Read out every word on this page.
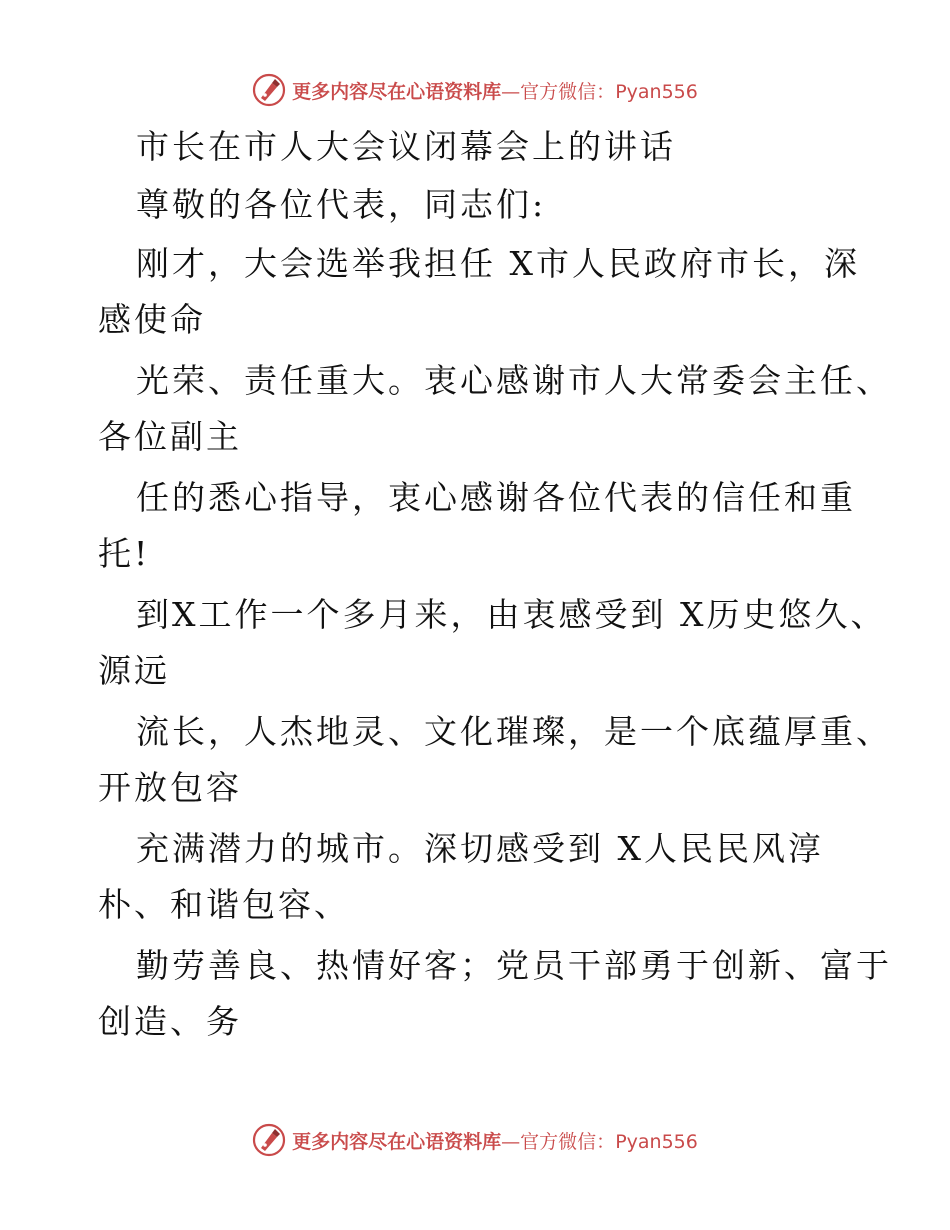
更多内容尽在心语资料库—官方微信：Pyan556
市长在市人大会议闭幕会上的讲话
尊敬的各位代表，同志们:
刚才，大会选举我担任 X市人民政府市长，深
感使命
光荣、责任重大。衷心感谢市人大常委会主任、
各位副主
任的悉心指导，衷心感谢各位代表的信任和重
托!
到X工作一个多月来，由衷感受到 X历史悠久、
源远
流长，人杰地灵、文化璀璨，是一个底蕴厚重、
开放包容
充满潜力的城市。深切感受到 X人民民风淳
朴、和谐包容、
勤劳善良、热情好客；党员干部勇于创新、富于
创造、务
更多内容尽在心语资料库—官方微信：Pyan556
